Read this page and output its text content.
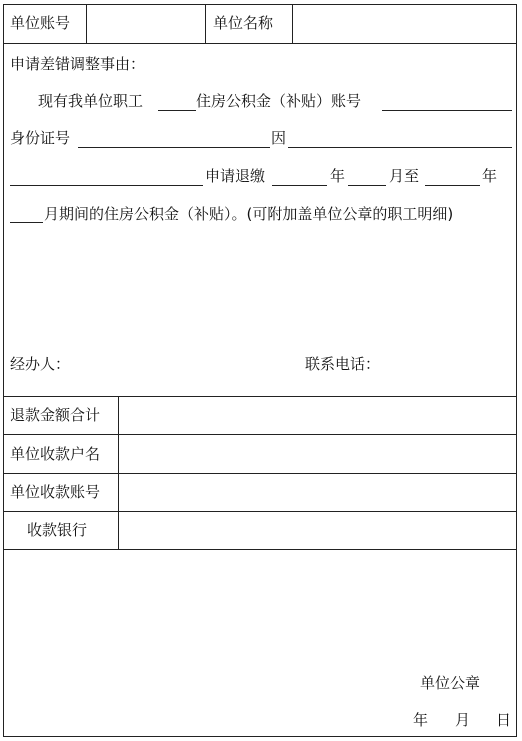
单位账号	单位名称
申请差错调整事由：
现有我单位职工	住房公积金（补贴）账号
身份证号	因
申请退缴	年	月至	年
月期间的住房公积金（补贴）。(可附加盖单位公章的职工明细)
经办人：	联系电话：
退款金额合计
单位收款户名
单位收款账号
收款银行
单位公章
年 月 日
